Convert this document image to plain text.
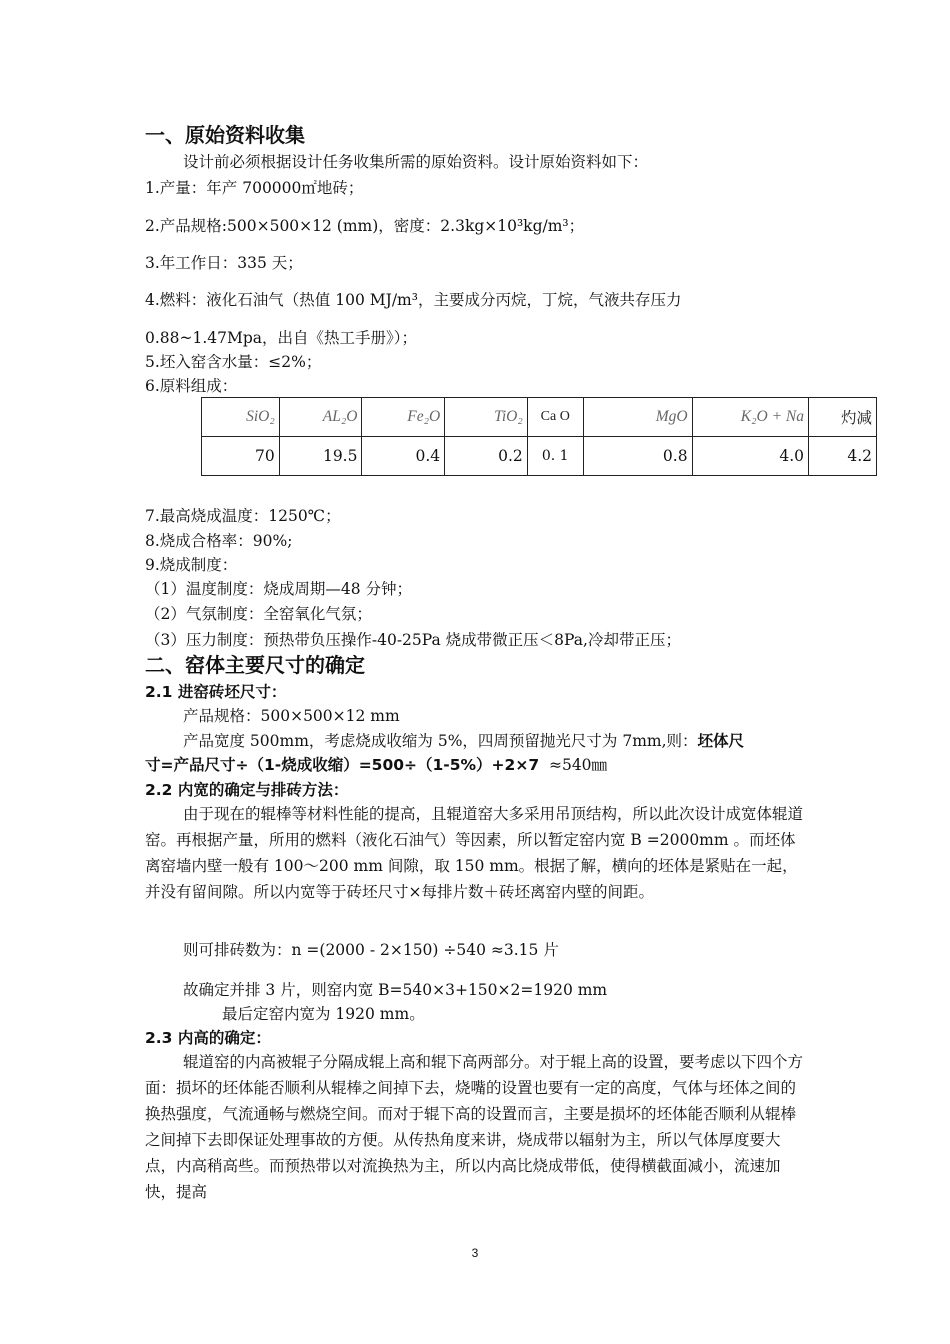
一、原始资料收集
设计前必须根据设计任务收集所需的原始资料。设计原始资料如下：
1.产量：年产 700000㎡地砖；
2.产品规格:500×500×12 (mm)，密度：2.3kg×10³kg/m³；
3.年工作日：335 天；
4.燃料：液化石油气（热值 100 MJ/m³，主要成分丙烷，丁烷，气液共存压力
0.88~1.47Mpa，出自《热工手册》）；
5.坯入窑含水量：≤2%；
6.原料组成：
SiO₂	AL₂O	Fe₂O	TiO₂	Ca O	MgO	K₂O + Na	灼减
70	19.5	0.4	0.2	0. 1	0.8	4.0	4.2
7.最高烧成温度：1250℃；
8.烧成合格率：90%;
9.烧成制度：
（1）温度制度：烧成周期—48 分钟；
（2）气氛制度：全窑氧化气氛；
（3）压力制度：预热带负压操作-40-25Pa 烧成带微正压＜8Pa,冷却带正压；
二、窑体主要尺寸的确定
2.1 进窑砖坯尺寸：
产品规格：500×500×12 mm
产品宽度 500mm，考虑烧成收缩为 5%，四周预留抛光尺寸为 7mm,则：坯体尺
寸=产品尺寸÷（1-烧成收缩）=500÷（1-5%）+2×7 ≈540㎜
2.2 内宽的确定与排砖方法：
由于现在的辊棒等材料性能的提高，且辊道窑大多采用吊顶结构，所以此次设计成宽体辊道窑。再根据产量，所用的燃料（液化石油气）等因素，所以暂定窑内宽 B =2000mm 。而坯体离窑墙内壁一般有 100～200 mm 间隙，取 150 mm。根据了解，横向的坯体是紧贴在一起，并没有留间隙。所以内宽等于砖坯尺寸×每排片数＋砖坯离窑内壁的间距。
则可排砖数为：n =(2000 - 2×150) ÷540 ≈3.15 片
故确定并排 3 片，则窑内宽 B=540×3+150×2=1920 mm
最后定窑内宽为 1920 mm。
2.3 内高的确定：
辊道窑的内高被辊子分隔成辊上高和辊下高两部分。对于辊上高的设置，要考虑以下四个方面：损坏的坯体能否顺利从辊棒之间掉下去，烧嘴的设置也要有一定的高度，气体与坯体之间的换热强度，气流通畅与燃烧空间。而对于辊下高的设置而言，主要是损坏的坯体能否顺利从辊棒之间掉下去即保证处理事故的方便。从传热角度来讲，烧成带以辐射为主，所以气体厚度要大点，内高稍高些。而预热带以对流换热为主，所以内高比烧成带低，使得横截面减小，流速加快，提高
3
